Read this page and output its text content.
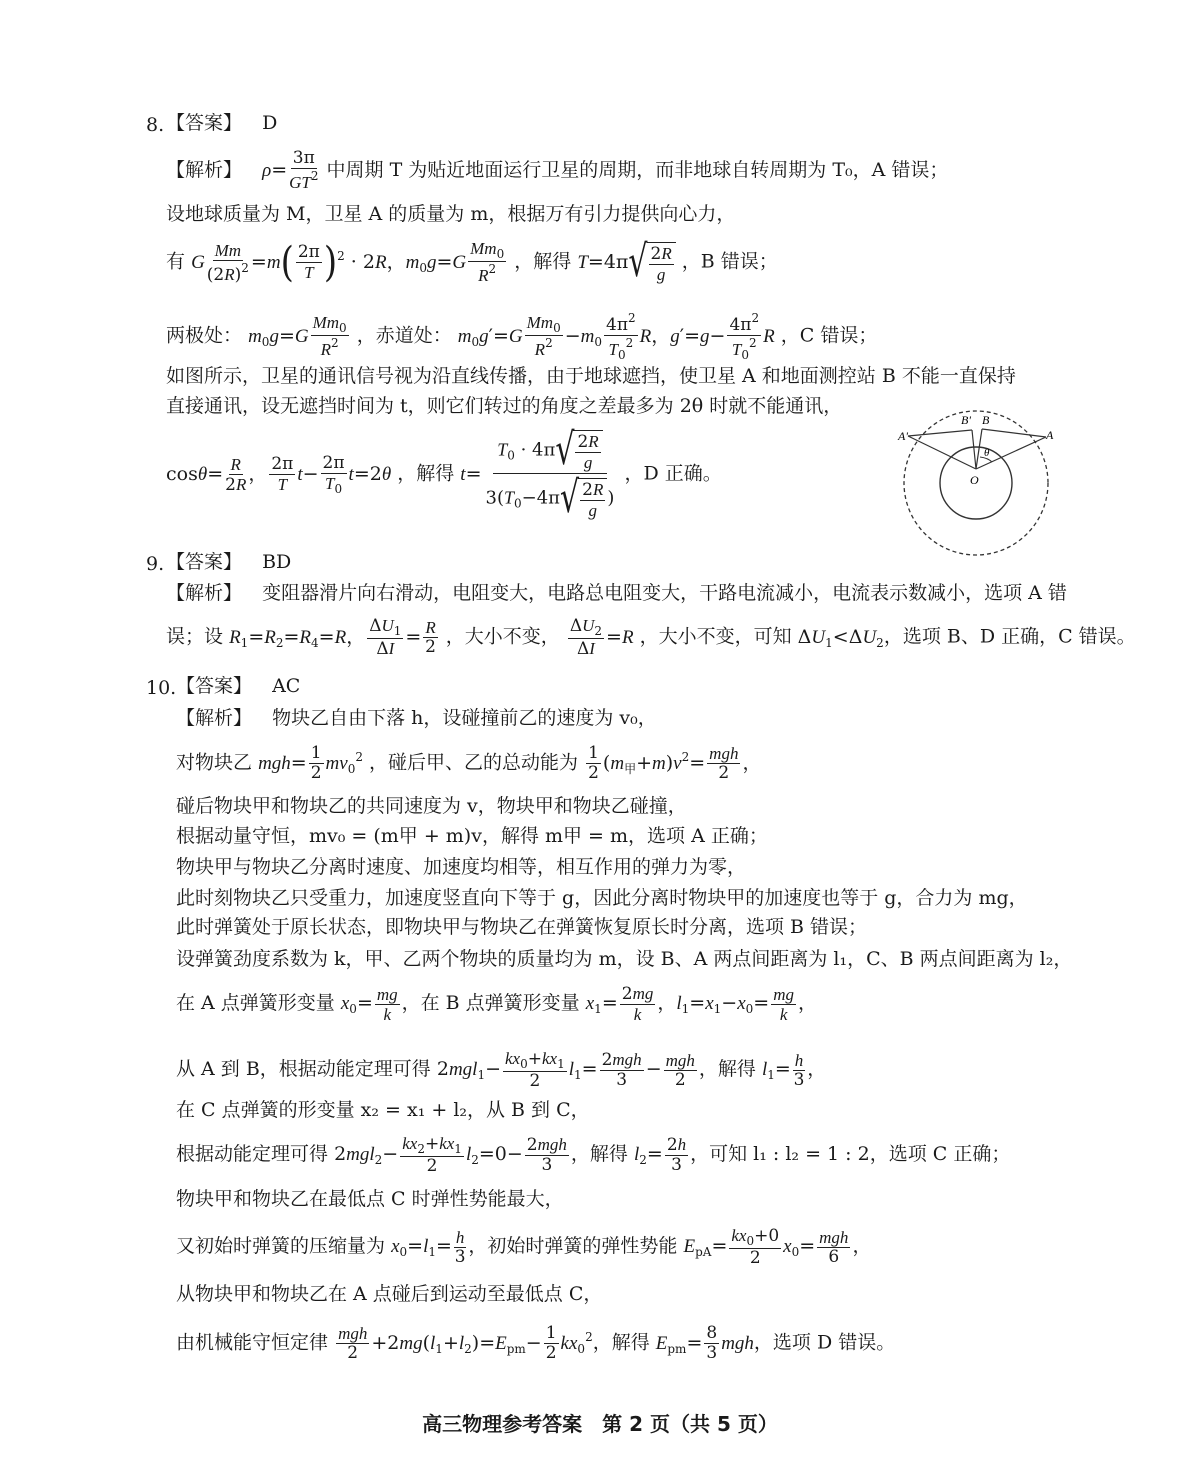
8. 【答案】 D
【解析】 $\rho= \frac{3\pi}{GT^2}$ 中周期 T 为贴近地面运行卫星的周期，而非地球自转周期为 T₀，A 错误；
设地球质量为 M，卫星 A 的质量为 m，根据万有引力提供向心力，
有 G $\frac{Mm}{(2R)^2} =m( \frac{2\pi}{T} )^2 \cdot 2R$，$m_0g=G \frac{Mm_0}{R^2}$ ，解得 T=4π √ $\frac{2R}{g}$ ，B 错误；
两极处： $m_0g=G \frac{Mm_0}{R^2}$ ，赤道处： $m_0g'=G \frac{Mm_0}{R^2} -m_0 \frac{4\pi^2}{T_0^2}$ R，$g'=g- \frac{4\pi^2}{T_0^2}$ R ，C 错误；
如图所示，卫星的通讯信号视为沿直线传播，由于地球遮挡，使卫星 A 和地面测控站 B 不能一直保持
直接通讯，设无遮挡时间为 t，则它们转过的角度之差最多为 2θ 时就不能通讯，
$\cos\theta= \frac{R}{2R}$ ， $\frac{2\pi}{T} t- \frac{2\pi}{T_0} t=2\theta$ ，解得 $t= \frac{T_0 \cdot 4\pi √ \frac{2R}{g}}{3(T_0-4\pi √ \frac{2R}{g} )}$ ，D 正确。
A'
B' B
A
θ
O
9. 【答案】 BD
【解析】 变阻器滑片向右滑动，电阻变大，电路总电阻变大，干路电流减小，电流表示数减小，选项 A 错
误；设 $R_1=R_2=R_4=R$， $\frac{\Delta U_1}{\Delta I} = \frac{R}{2}$ ，大小不变， $\frac{\Delta U_2}{\Delta I} =R$ ，大小不变，可知 $\Delta U_1<\Delta U_2$，选项 B、D 正确，C 错误。
10. 【答案】 AC
【解析】 物块乙自由下落 h，设碰撞前乙的速度为 v₀，
对物块乙 $mgh= \frac{1}{2} mv_0^2$ ，碰后甲、乙的总动能为 $\frac{1}{2} (m_甲+m)v^2=$ mgh
2 ，
碰后物块甲和物块乙的共同速度为 v，物块甲和物块乙碰撞，
根据动量守恒，mv₀ = (m甲 + m)v，解得 m甲 = m，选项 A 正确；
物块甲与物块乙分离时速度、加速度均相等，相互作用的弹力为零，
此时刻物块乙只受重力，加速度竖直向下等于 g，因此分离时物块甲的加速度也等于 g，合力为 mg，
此时弹簧处于原长状态，即物块甲与物块乙在弹簧恢复原长时分离，选项 B 错误；
设弹簧劲度系数为 k，甲、乙两个物块的质量均为 m，设 B、A 两点间距离为 l₁，C、B 两点间距离为 l₂，
在 A 点弹簧形变量 $x_0= \frac{mg}{k}$ ，在 B 点弹簧形变量 $x_1= \frac{2mg}{k}$ ，$l_1=x_1-x_0= \frac{mg}{k}$ ，
从 A 到 B，根据动能定理可得 $2mgl_1- \frac{kx_0+kx_1}{2} l_1= 2mgh$
3 − mgh
2 ，解得 $l_1= \frac{h}{3}$ ，
在 C 点弹簧的形变量 x₂ = x₁ + l₂，从 B 到 C，
根据动能定理可得 $2mgl_2- \frac{kx_2+kx_1}{2} l_2=0- 2mgh$
3 ，解得 $l_2= \frac{2h}{3}$ ，可知 l₁ : l₂ = 1 : 2，选项 C 正确；
物块甲和物块乙在最低点 C 时弹性势能最大，
又初始时弹簧的压缩量为 $x_0=l_1= \frac{h}{3}$ ，初始时弹簧的弹性势能 $E_{pA}= \frac{kx_0+0}{2} x_0=$ mgh
6 ，
从物块甲和物块乙在 A 点碰后到运动至最低点 C，
由机械能守恒定律 mgh
$2 +2mg(l_1+l_2)=E_{pm}- \frac{1}{2} kx_0^2$，解得 $E_{pm}= \frac{8}{3}$ mgh，选项 D 错误。
高三物理参考答案　第 2 页（共 5 页）
